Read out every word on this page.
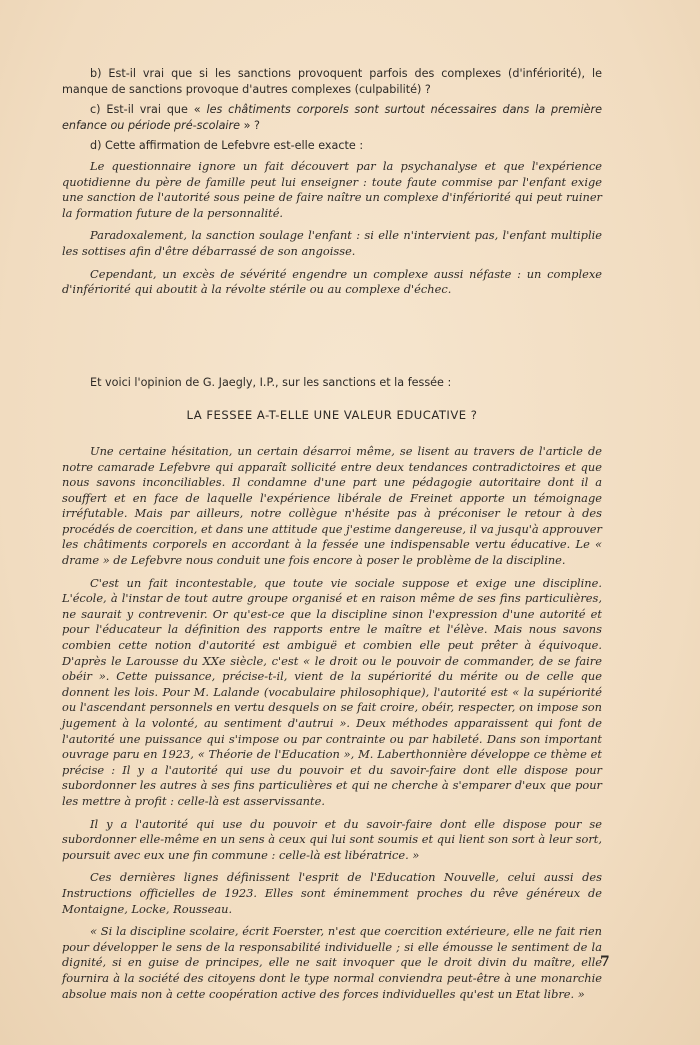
b) Est-il vrai que si les sanctions provoquent parfois des complexes (d'infériorité), le manque de sanctions provoque d'autres complexes (culpabilité) ?

c) Est-il vrai que « les châtiments corporels sont surtout nécessaires dans la première enfance ou période pré-scolaire » ?

d) Cette affirmation de Lefebvre est-elle exacte :

Le questionnaire ignore un fait découvert par la psychanalyse et que l'expérience quotidienne du père de famille peut lui enseigner : toute faute commise par l'enfant exige une sanction de l'autorité sous peine de faire naître un complexe d'infériorité qui peut ruiner la formation future de la personnalité.

Paradoxalement, la sanction soulage l'enfant : si elle n'intervient pas, l'enfant multiplie les sottises afin d'être débarrassé de son angoisse.

Cependant, un excès de sévérité engendre un complexe aussi néfaste : un complexe d'infériorité qui aboutit à la révolte stérile ou au complexe d'échec.

Et voici l'opinion de G. Jaegly, I.P., sur les sanctions et la fessée :

LA FESSEE A-T-ELLE UNE VALEUR EDUCATIVE ?

Une certaine hésitation, un certain désarroi même, se lisent au travers de l'article de notre camarade Lefebvre qui apparaît sollicité entre deux tendances contradictoires et que nous savons inconciliables. Il condamne d'une part une pédagogie autoritaire dont il a souffert et en face de laquelle l'expérience libérale de Freinet apporte un témoignage irréfutable. Mais par ailleurs, notre collègue n'hésite pas à préconiser le retour à des procédés de coercition, et dans une attitude que j'estime dangereuse, il va jusqu'à approuver les châtiments corporels en accordant à la fessée une indispensable vertu éducative. Le « drame » de Lefebvre nous conduit une fois encore à poser le problème de la discipline.

C'est un fait incontestable, que toute vie sociale suppose et exige une discipline. L'école, à l'instar de tout autre groupe organisé et en raison même de ses fins particulières, ne saurait y contrevenir. Or qu'est-ce que la discipline sinon l'expression d'une autorité et pour l'éducateur la définition des rapports entre le maître et l'élève. Mais nous savons combien cette notion d'autorité est ambiguë et combien elle peut prêter à équivoque. D'après le Larousse du XXe siècle, c'est « le droit ou le pouvoir de commander, de se faire obéir ». Cette puissance, précise-t-il, vient de la supériorité du mérite ou de celle que donnent les lois. Pour M. Lalande (vocabulaire philosophique), l'autorité est « la supériorité ou l'ascendant personnels en vertu desquels on se fait croire, obéir, respecter, on impose son jugement à la volonté, au sentiment d'autrui ». Deux méthodes apparaissent qui font de l'autorité une puissance qui s'impose ou par contrainte ou par habileté. Dans son important ouvrage paru en 1923, « Théorie de l'Education », M. Laberthonnière développe ce thème et précise : Il y a l'autorité qui use du pouvoir et du savoir-faire dont elle dispose pour subordonner les autres à ses fins particulières et qui ne cherche à s'emparer d'eux que pour les mettre à profit : celle-là est asservissante.

Il y a l'autorité qui use du pouvoir et du savoir-faire dont elle dispose pour se subordonner elle-même en un sens à ceux qui lui sont soumis et qui lient son sort à leur sort, poursuit avec eux une fin commune : celle-là est libératrice. »

Ces dernières lignes définissent l'esprit de l'Education Nouvelle, celui aussi des Instructions officielles de 1923. Elles sont éminemment proches du rêve généreux de Montaigne, Locke, Rousseau.

« Si la discipline scolaire, écrit Foerster, n'est que coercition extérieure, elle ne fait rien pour développer le sens de la responsabilité individuelle ; si elle émousse le sentiment de la dignité, si en guise de principes, elle ne sait invoquer que le droit divin du maître, elle fournira à la société des citoyens dont le type normal conviendra peut-être à une monarchie absolue mais non à cette coopération active des forces individuelles qu'est un Etat libre. »

7
